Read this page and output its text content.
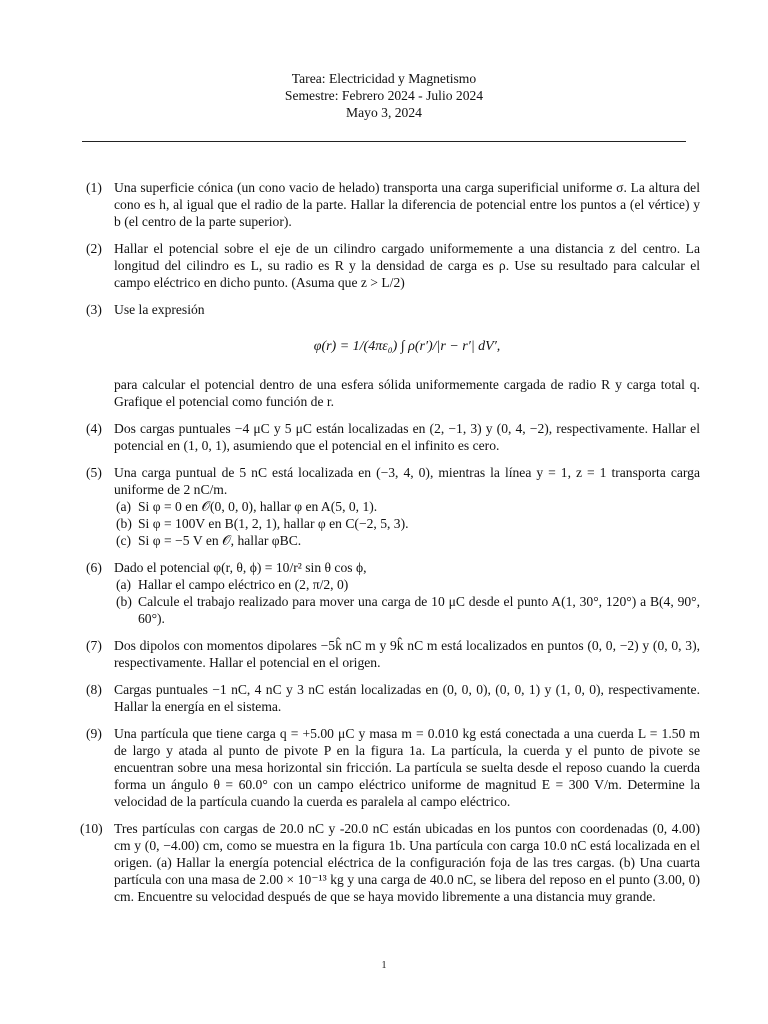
Tarea: Electricidad y Magnetismo
Semestre: Febrero 2024 - Julio 2024
Mayo 3, 2024
(1) Una superficie cónica (un cono vacio de helado) transporta una carga superificial uniforme σ. La altura del cono es h, al igual que el radio de la parte. Hallar la diferencia de potencial entre los puntos a (el vértice) y b (el centro de la parte superior).
(2) Hallar el potencial sobre el eje de un cilindro cargado uniformemente a una distancia z del centro. La longitud del cilindro es L, su radio es R y la densidad de carga es ρ. Use su resultado para calcular el campo eléctrico en dicho punto. (Asuma que z > L/2)
(3) Use la expresión
φ(r) = 1/(4πε₀) ∫ ρ(r′)/|r − r′| dV′,
para calcular el potencial dentro de una esfera sólida uniformemente cargada de radio R y carga total q. Grafique el potencial como función de r.
(4) Dos cargas puntuales −4 μC y 5 μC están localizadas en (2, −1, 3) y (0, 4, −2), respectivamente. Hallar el potencial en (1, 0, 1), asumiendo que el potencial en el infinito es cero.
(5) Una carga puntual de 5 nC está localizada en (−3, 4, 0), mientras la línea y = 1, z = 1 transporta carga uniforme de 2 nC/m.
(a) Si φ = 0 en 𝒪(0, 0, 0), hallar φ en A(5, 0, 1).
(b) Si φ = 100V en B(1, 2, 1), hallar φ en C(−2, 5, 3).
(c) Si φ = −5 V en 𝒪, hallar φBC.
(6) Dado el potencial φ(r, θ, ϕ) = 10/r² sin θ cos ϕ,
(a) Hallar el campo eléctrico en (2, π/2, 0)
(b) Calcule el trabajo realizado para mover una carga de 10 μC desde el punto A(1, 30°, 120°) a B(4, 90°, 60°).
(7) Dos dipolos con momentos dipolares −5k̂ nC m y 9k̂ nC m está localizados en puntos (0, 0, −2) y (0, 0, 3), respectivamente. Hallar el potencial en el origen.
(8) Cargas puntuales −1 nC, 4 nC y 3 nC están localizadas en (0, 0, 0), (0, 0, 1) y (1, 0, 0), respectivamente. Hallar la energía en el sistema.
(9) Una partícula que tiene carga q = +5.00 μC y masa m = 0.010 kg está conectada a una cuerda L = 1.50 m de largo y atada al punto de pivote P en la figura 1a. La partícula, la cuerda y el punto de pivote se encuentran sobre una mesa horizontal sin fricción. La partícula se suelta desde el reposo cuando la cuerda forma un ángulo θ = 60.0° con un campo eléctrico uniforme de magnitud E = 300 V/m. Determine la velocidad de la partícula cuando la cuerda es paralela al campo eléctrico.
(10) Tres partículas con cargas de 20.0 nC y -20.0 nC están ubicadas en los puntos con coordenadas (0, 4.00) cm y (0, −4.00) cm, como se muestra en la figura 1b. Una partícula con carga 10.0 nC está localizada en el origen. (a) Hallar la energía potencial eléctrica de la configuración foja de las tres cargas. (b) Una cuarta partícula con una masa de 2.00 × 10⁻¹³ kg y una carga de 40.0 nC, se libera del reposo en el punto (3.00, 0) cm. Encuentre su velocidad después de que se haya movido libremente a una distancia muy grande.
1
